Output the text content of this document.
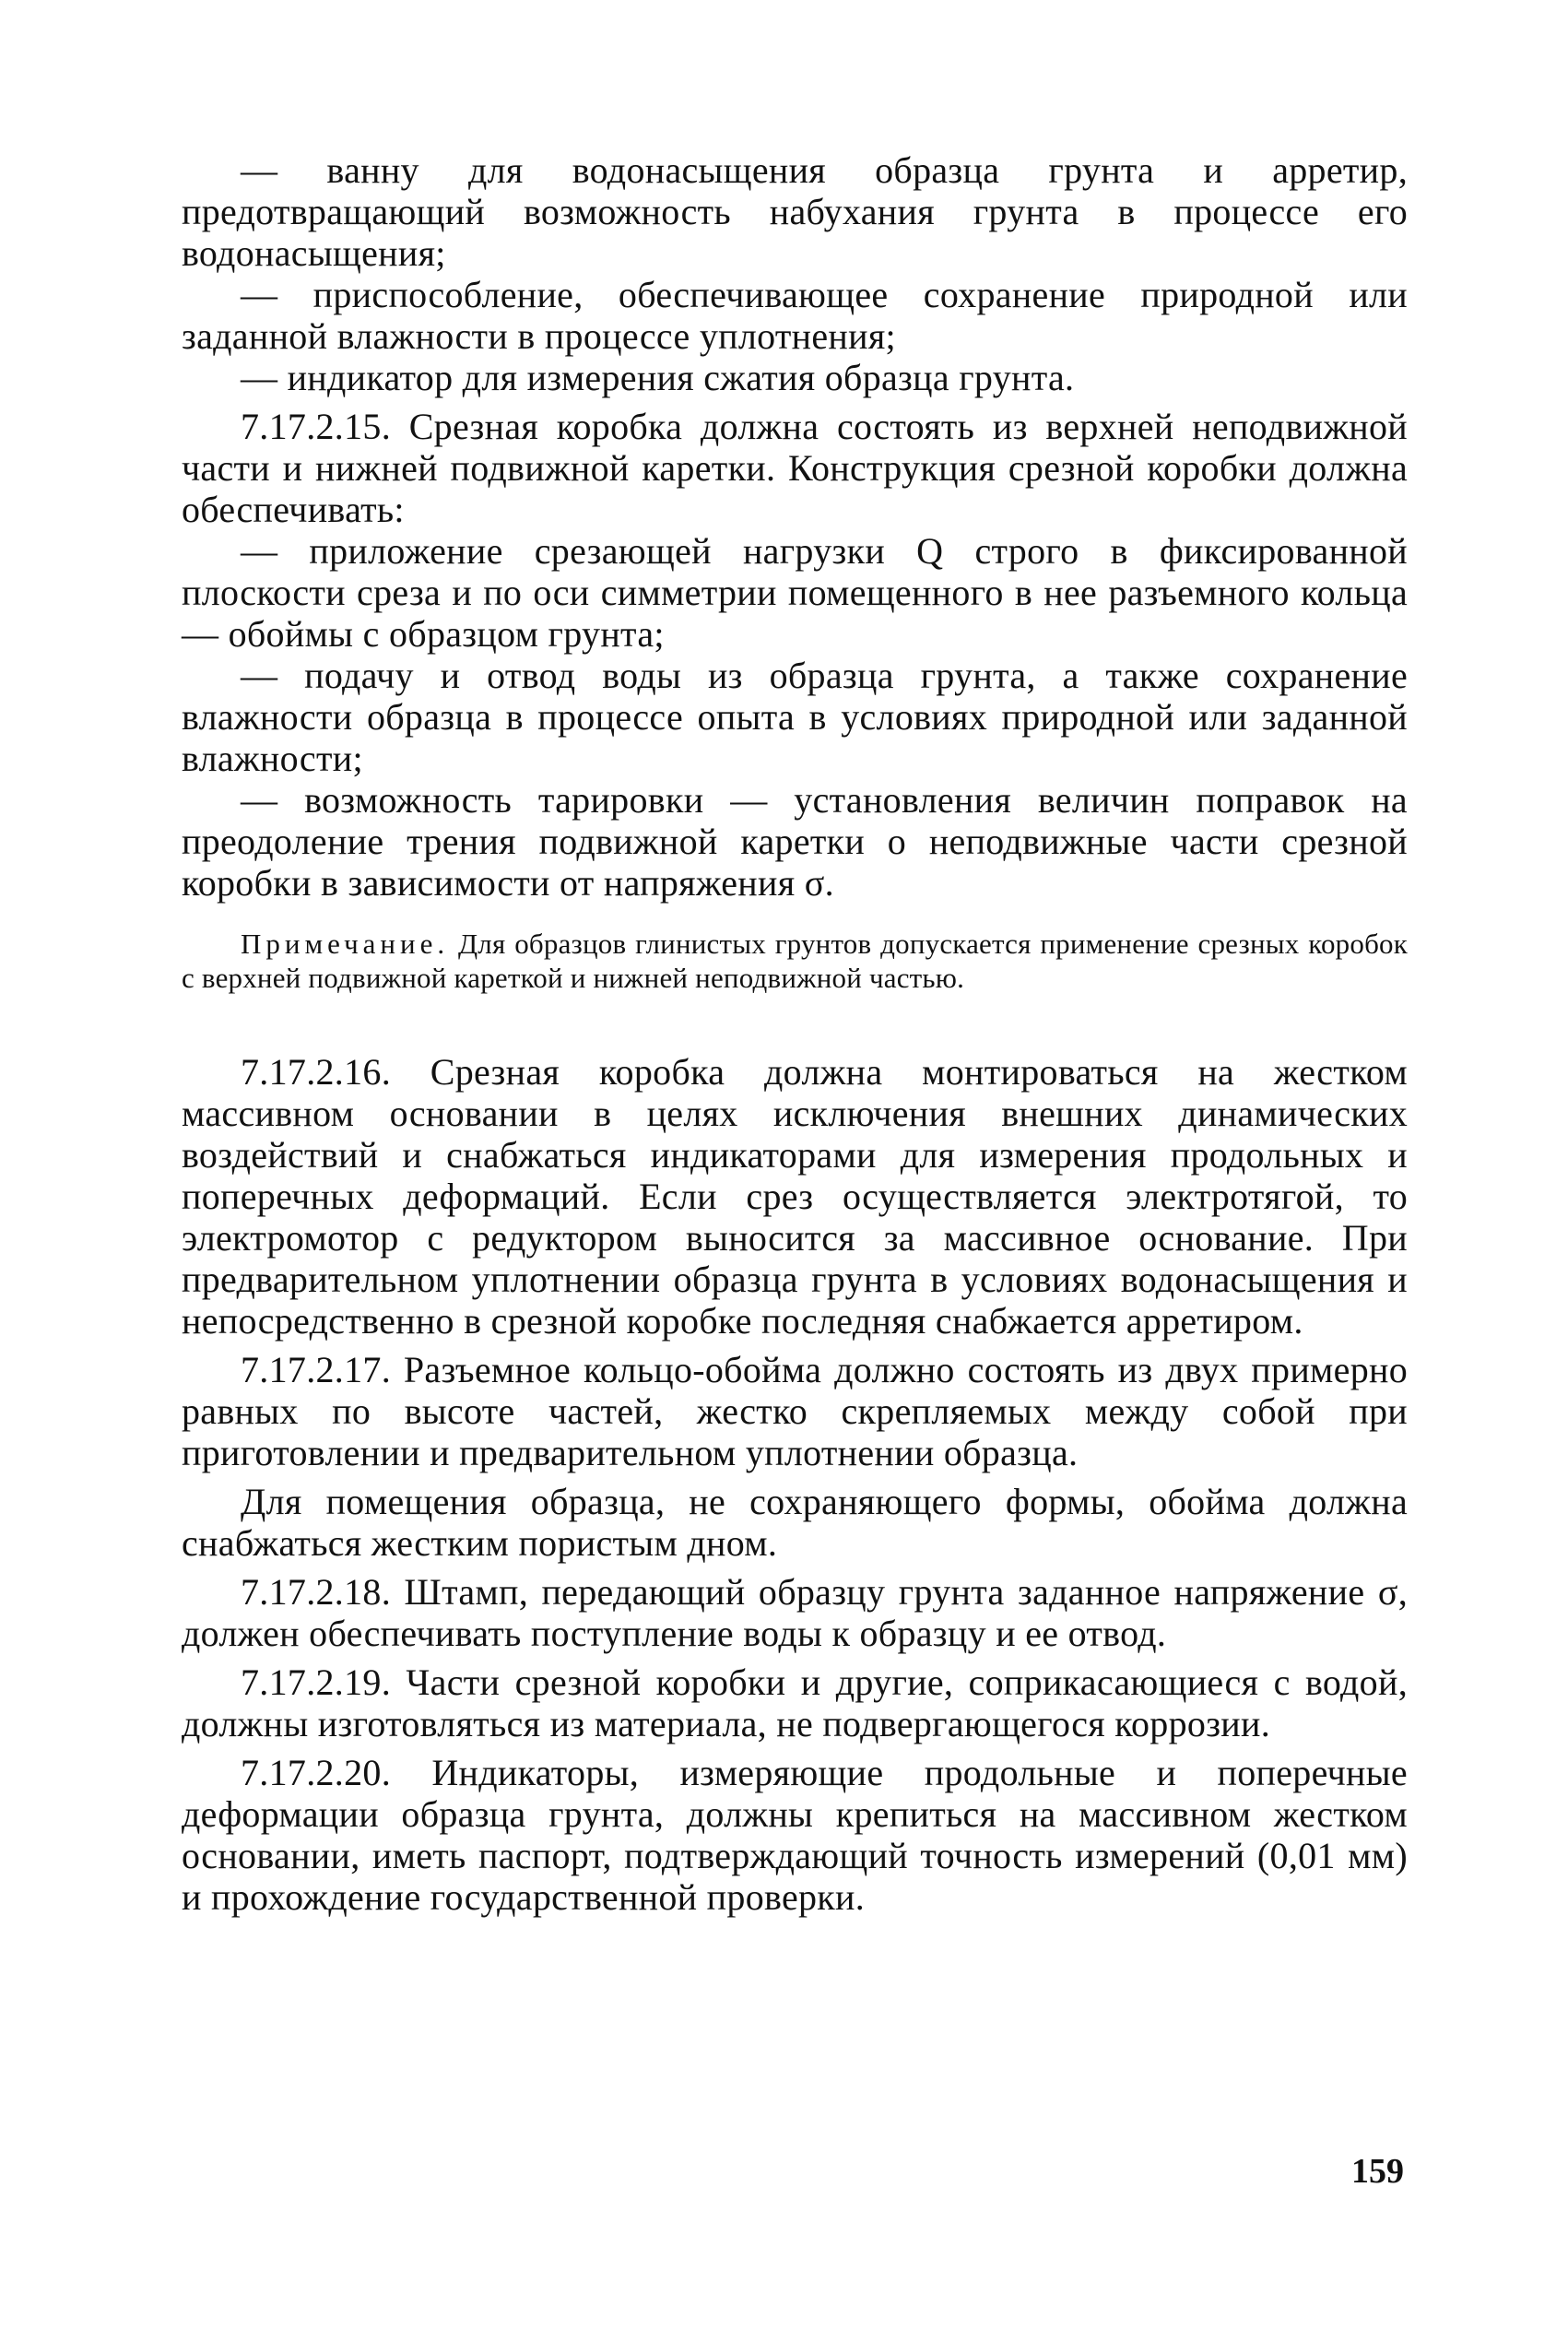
— ванну для водонасыщения образца грунта и арретир, предотвращающий возможность набухания грунта в процессе его водонасыщения;

— приспособление, обеспечивающее сохранение природной или заданной влажности в процессе уплотнения;

— индикатор для измерения сжатия образца грунта.

7.17.2.15. Срезная коробка должна состоять из верхней неподвижной части и нижней подвижной каретки. Конструкция срезной коробки должна обеспечивать:

— приложение срезающей нагрузки Q строго в фиксированной плоскости среза и по оси симметрии помещенного в нее разъемного кольца — обоймы с образцом грунта;

— подачу и отвод воды из образца грунта, а также сохранение влажности образца в процессе опыта в условиях природной или заданной влажности;

— возможность тарировки — установления величин поправок на преодоление трения подвижной каретки о неподвижные части срезной коробки в зависимости от напряжения σ.

Примечание. Для образцов глинистых грунтов допускается применение срезных коробок с верхней подвижной кареткой и нижней неподвижной частью.

7.17.2.16. Срезная коробка должна монтироваться на жестком массивном основании в целях исключения внешних динамических воздействий и снабжаться индикаторами для измерения продольных и поперечных деформаций. Если срез осуществляется электротягой, то электромотор с редуктором выносится за массивное основание. При предварительном уплотнении образца грунта в условиях водонасыщения и непосредственно в срезной коробке последняя снабжается арретиром.

7.17.2.17. Разъемное кольцо-обойма должно состоять из двух примерно равных по высоте частей, жестко скрепляемых между собой при приготовлении и предварительном уплотнении образца.

Для помещения образца, не сохраняющего формы, обойма должна снабжаться жестким пористым дном.

7.17.2.18. Штамп, передающий образцу грунта заданное напряжение σ, должен обеспечивать поступление воды к образцу и ее отвод.

7.17.2.19. Части срезной коробки и другие, соприкасающиеся с водой, должны изготовляться из материала, не подвергающегося коррозии.

7.17.2.20. Индикаторы, измеряющие продольные и поперечные деформации образца грунта, должны крепиться на массивном жестком основании, иметь паспорт, подтверждающий точность измерений (0,01 мм) и прохождение государственной проверки.

159
